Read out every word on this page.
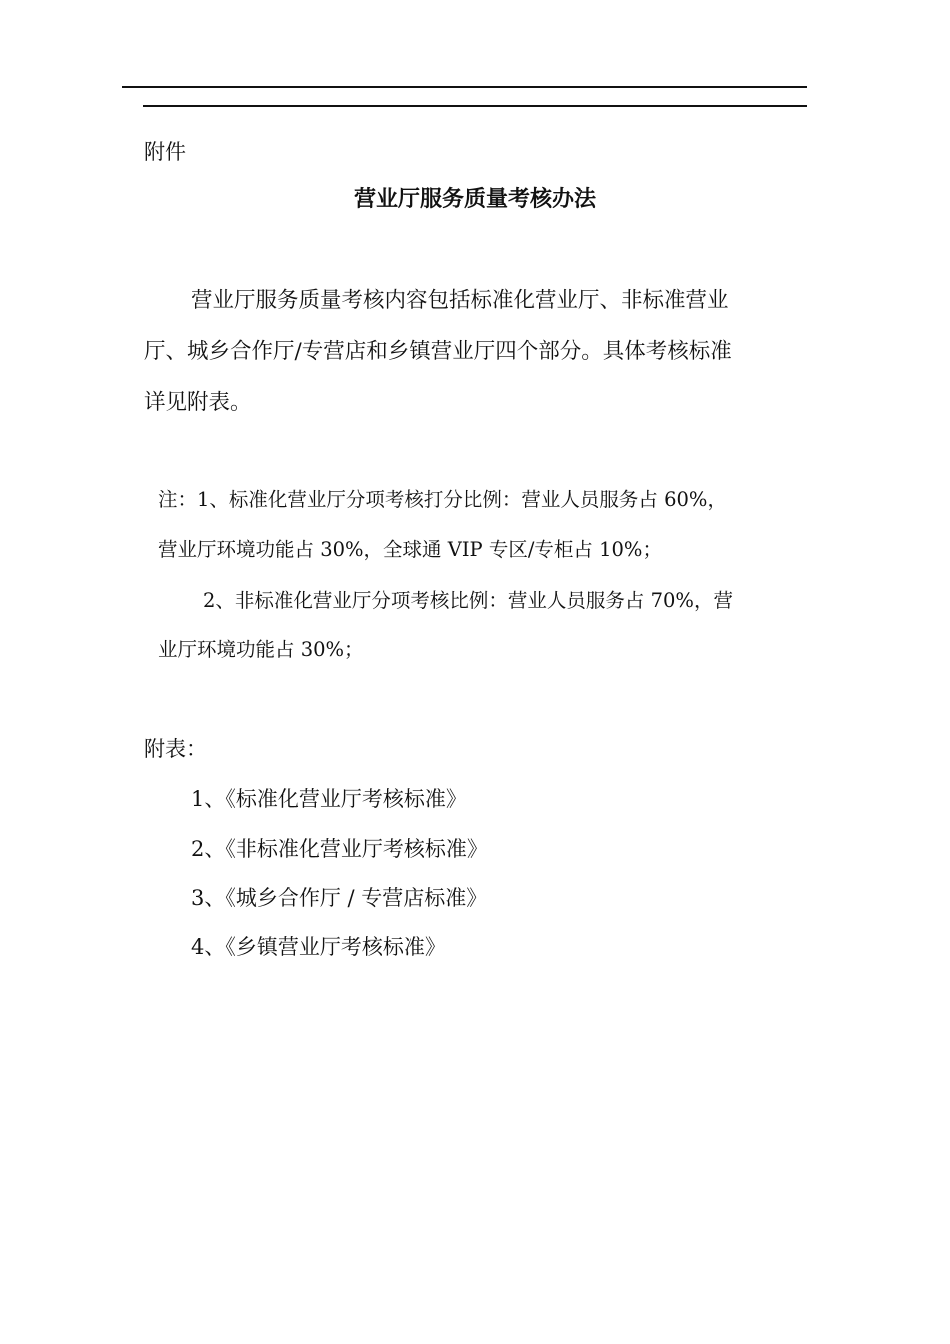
附件
营业厅服务质量考核办法
营业厅服务质量考核内容包括标准化营业厅、非标准营业
厅、城乡合作厅/专营店和乡镇营业厅四个部分。具体考核标准
详见附表。
注：1、标准化营业厅分项考核打分比例：营业人员服务占 60%，
营业厅环境功能占 30%，全球通 VIP 专区/专柜占 10%；
2、非标准化营业厅分项考核比例：营业人员服务占 70%，营
业厅环境功能占 30%；
附表：
1、《标准化营业厅考核标准》
2、《非标准化营业厅考核标准》
3、《城乡合作厅 / 专营店标准》
4、《乡镇营业厅考核标准》
